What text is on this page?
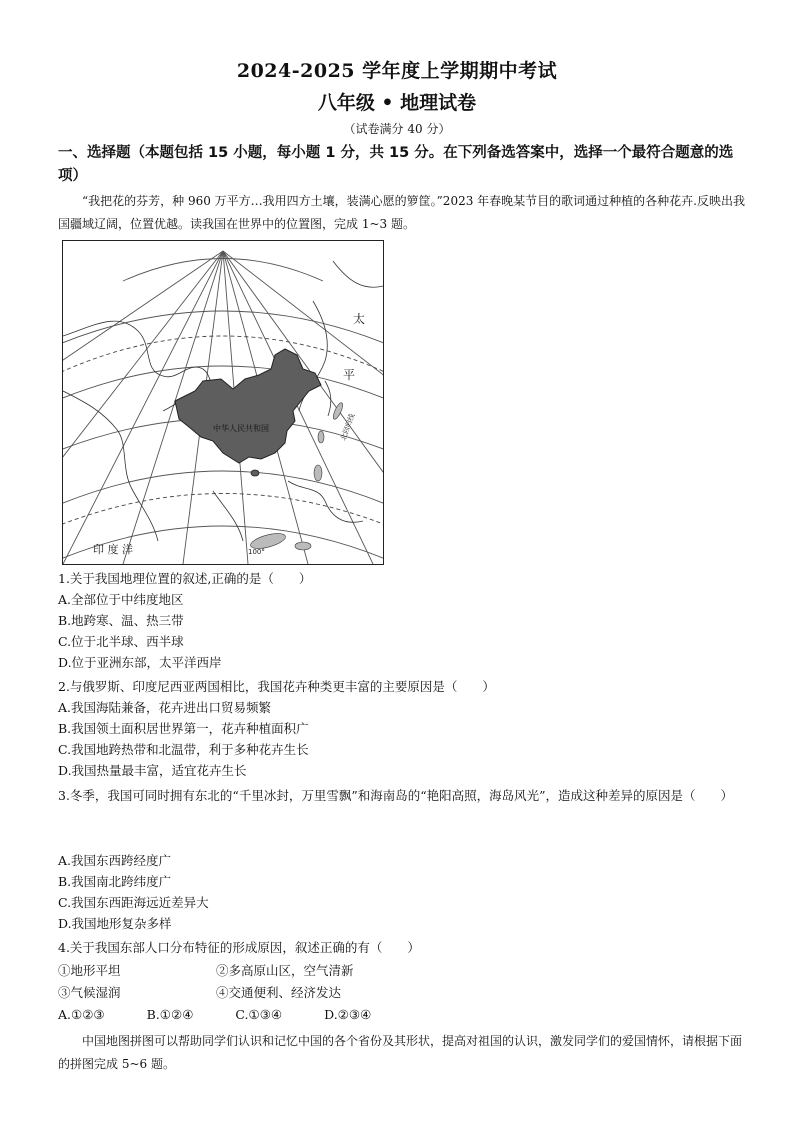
2024-2025 学年度上学期期中考试
八年级 • 地理试卷
（试卷满分 40 分）
一、选择题（本题包括 15 小题，每小题 1 分，共 15 分。在下列备选答案中，选择一个最符合题意的选项）
“我把花的芬芳，种 960 万平方…我用四方土壤，装满心愿的箩筐。”2023 年春晚某节目的歌词通过种植的各种花卉.反映出我国疆域辽阔，位置优越。读我国在世界中的位置图，完成 1~3 题。
中华人民共和国
太
平
北回归线
印 度 洋	100°
1.关于我国地理位置的叙述,正确的是（　　）
A.全部位于中纬度地区
B.地跨寒、温、热三带
C.位于北半球、西半球
D.位于亚洲东部，太平洋西岸
2.与俄罗斯、印度尼西亚两国相比，我国花卉种类更丰富的主要原因是（　　）
A.我国海陆兼备，花卉进出口贸易频繁
B.我国领土面积居世界第一，花卉种植面积广
C.我国地跨热带和北温带，利于多种花卉生长
D.我国热量最丰富，适宜花卉生长
3.冬季，我国可同时拥有东北的“千里冰封，万里雪飘”和海南岛的“艳阳高照，海岛风光”，造成这种差异的原因是（　　）
A.我国东西跨经度广
B.我国南北跨纬度广
C.我国东西距海远近差异大
D.我国地形复杂多样
4.关于我国东部人口分布特征的形成原因，叙述正确的有（　　）
①地形平坦	②多高原山区，空气清新
③气候湿润	④交通便利、经济发达
A.①②③	B.①②④	C.①③④	D.②③④
中国地图拼图可以帮助同学们认识和记忆中国的各个省份及其形状，提高对祖国的认识，激发同学们的爱国情怀，请根据下面的拼图完成 5~6 题。
